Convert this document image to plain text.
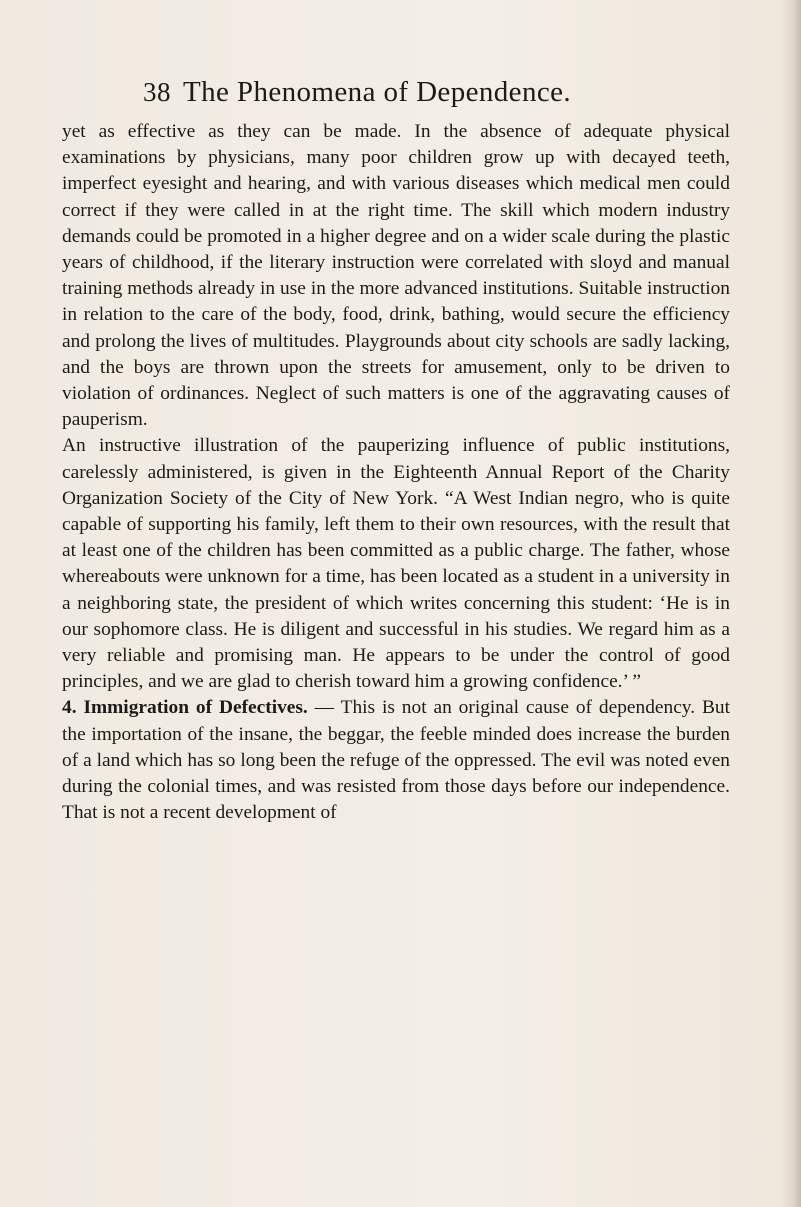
38 The Phenomena of Dependence.

yet as effective as they can be made. In the absence of adequate physical examinations by physicians, many poor children grow up with decayed teeth, imperfect eyesight and hearing, and with various diseases which medical men could correct if they were called in at the right time. The skill which modern industry demands could be promoted in a higher degree and on a wider scale during the plastic years of childhood, if the literary instruction were correlated with sloyd and manual training methods already in use in the more advanced institutions. Suitable instruction in relation to the care of the body, food, drink, bathing, would secure the efficiency and prolong the lives of multitudes. Playgrounds about city schools are sadly lacking, and the boys are thrown upon the streets for amusement, only to be driven to violation of ordinances. Neglect of such matters is one of the aggravating causes of pauperism.

An instructive illustration of the pauperizing influence of public institutions, carelessly administered, is given in the Eighteenth Annual Report of the Charity Organization Society of the City of New York. “A West Indian negro, who is quite capable of supporting his family, left them to their own resources, with the result that at least one of the children has been committed as a public charge. The father, whose whereabouts were unknown for a time, has been located as a student in a university in a neighboring state, the president of which writes concerning this student: ‘He is in our sophomore class. He is diligent and successful in his studies. We regard him as a very reliable and promising man. He appears to be under the control of good principles, and we are glad to cherish toward him a growing confidence.’ ”

4. Immigration of Defectives. — This is not an original cause of dependency. But the importation of the insane, the beggar, the feeble minded does increase the burden of a land which has so long been the refuge of the oppressed. The evil was noted even during the colonial times, and was resisted from those days before our independence. That is not a recent development of
